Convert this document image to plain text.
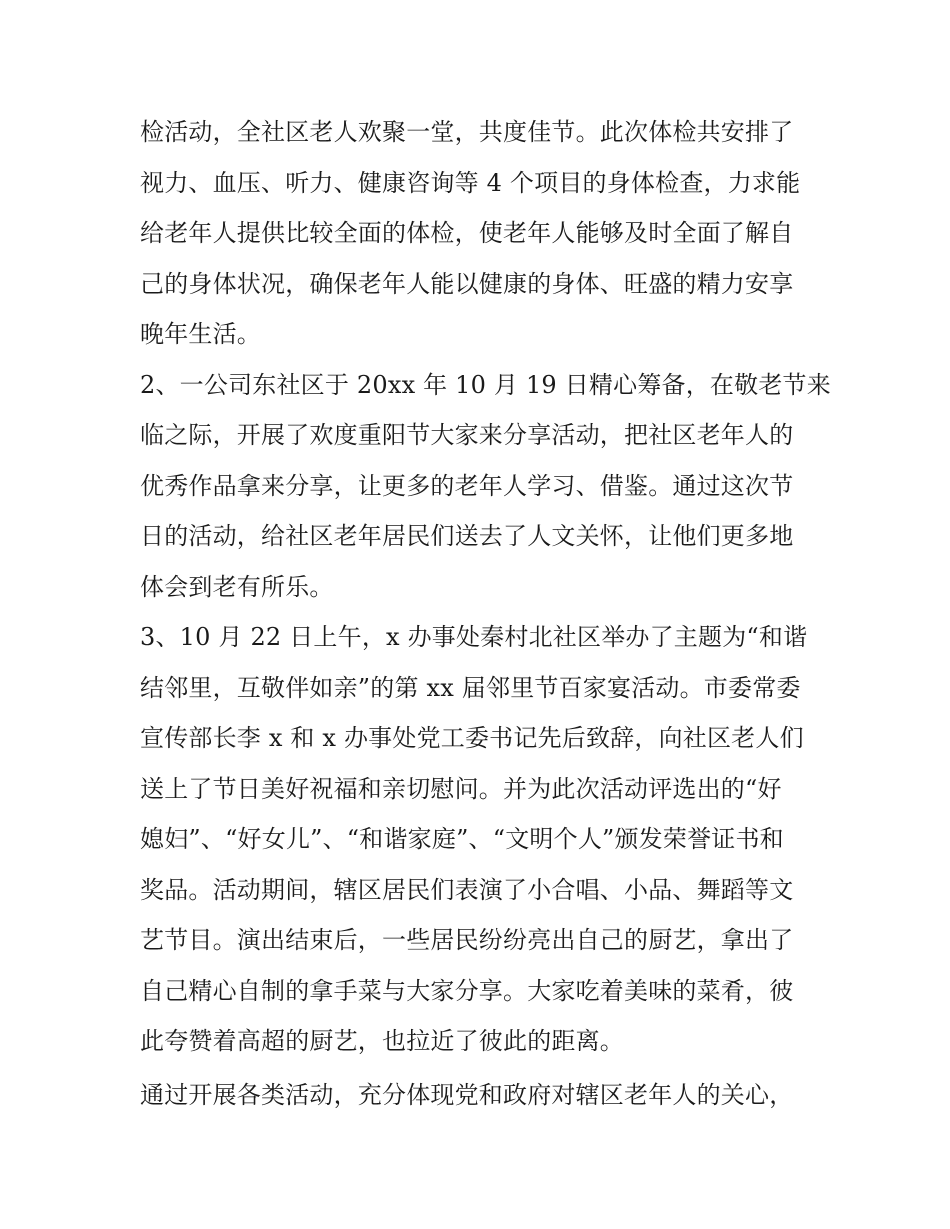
检活动，全社区老人欢聚一堂，共度佳节。此次体检共安排了
视力、血压、听力、健康咨询等 4 个项目的身体检查，力求能
给老年人提供比较全面的体检，使老年人能够及时全面了解自
己的身体状况，确保老年人能以健康的身体、旺盛的精力安享
晚年生活。
2、一公司东社区于 20xx 年 10 月 19 日精心筹备，在敬老节来
临之际，开展了欢度重阳节大家来分享活动，把社区老年人的
优秀作品拿来分享，让更多的老年人学习、借鉴。通过这次节
日的活动，给社区老年居民们送去了人文关怀，让他们更多地
体会到老有所乐。
3、10 月 22 日上午，x 办事处秦村北社区举办了主题为“和谐
结邻里，互敬伴如亲”的第 xx 届邻里节百家宴活动。市委常委
宣传部长李 x 和 x 办事处党工委书记先后致辞，向社区老人们
送上了节日美好祝福和亲切慰问。并为此次活动评选出的“好
媳妇”、“好女儿”、“和谐家庭”、“文明个人”颁发荣誉证书和
奖品。活动期间，辖区居民们表演了小合唱、小品、舞蹈等文
艺节目。演出结束后，一些居民纷纷亮出自己的厨艺，拿出了
自己精心自制的拿手菜与大家分享。大家吃着美味的菜肴，彼
此夸赞着高超的厨艺，也拉近了彼此的距离。
通过开展各类活动，充分体现党和政府对辖区老年人的关心，
